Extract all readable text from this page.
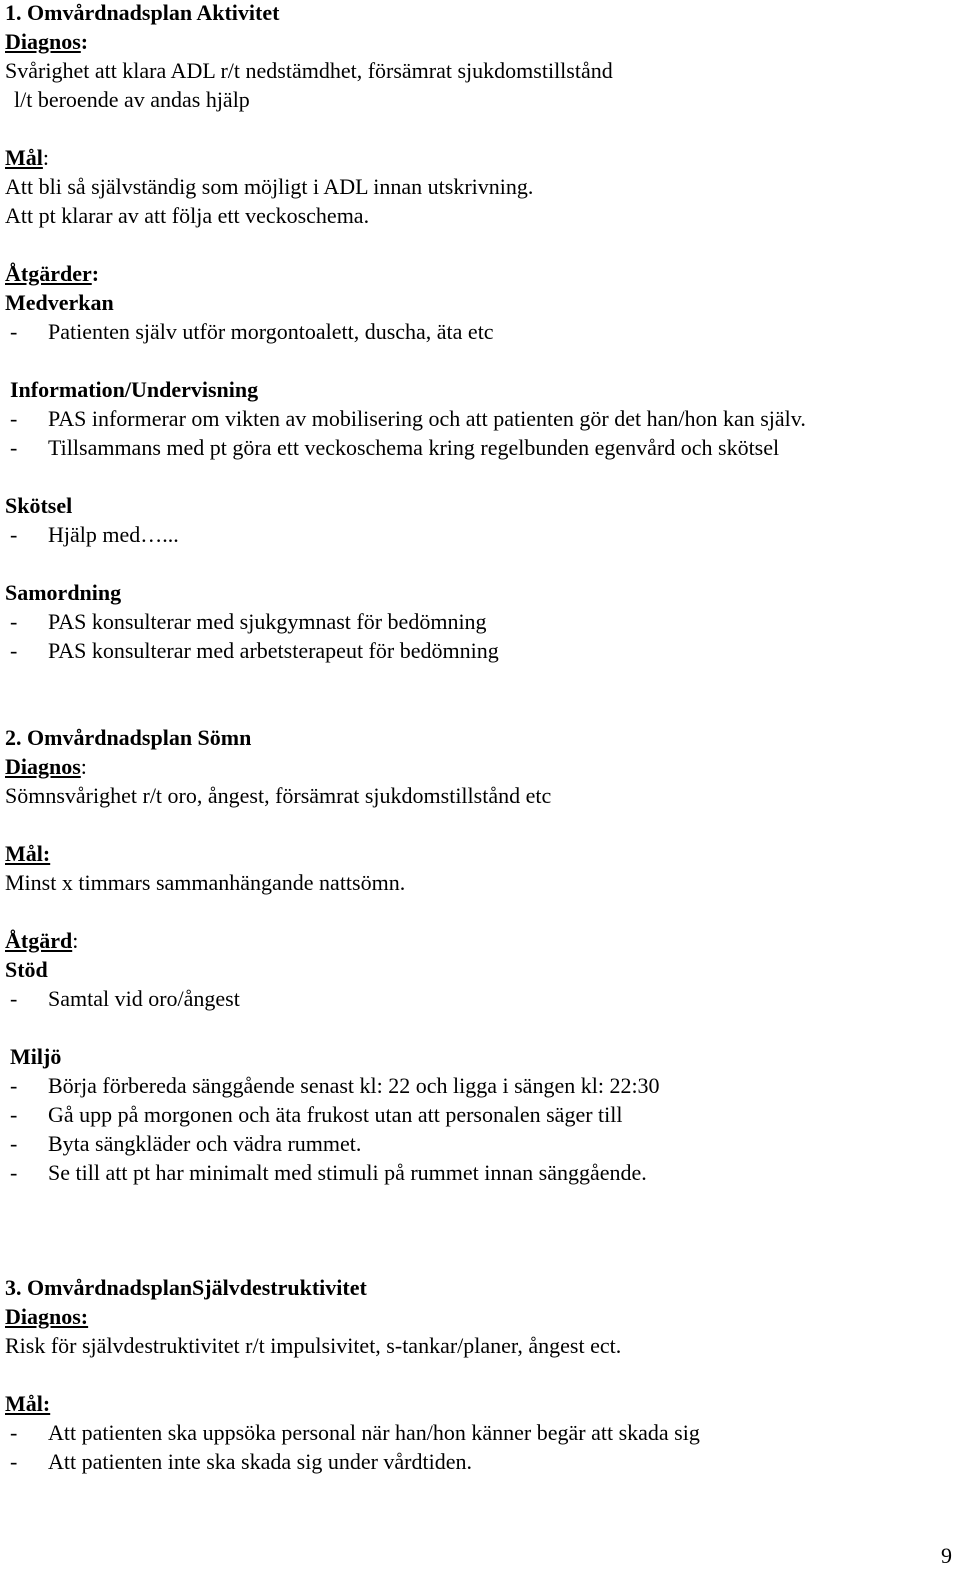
1. Omvårdnadsplan Aktivitet
Diagnos:
Svårighet att klara ADL r/t nedstämdhet, försämrat sjukdomstillstånd
l/t beroende av andas hjälp
Mål:
Att bli så självständig som möjligt i ADL innan utskrivning.
Att pt klarar av att följa ett veckoschema.
Åtgärder:
Medverkan
- Patienten själv utför morgontoalett, duscha, äta etc
Information/Undervisning
- PAS informerar om vikten av mobilisering och att patienten gör det han/hon kan själv.
- Tillsammans med pt göra ett veckoschema kring regelbunden egenvård och skötsel
Skötsel
- Hjälp med…...
Samordning
- PAS konsulterar med sjukgymnast för bedömning
- PAS konsulterar med arbetsterapeut för bedömning
2. Omvårdnadsplan Sömn
Diagnos:
Sömnsvårighet r/t oro, ångest, försämrat sjukdomstillstånd etc
Mål:
Minst x timmars sammanhängande nattsömn.
Åtgärd:
Stöd
- Samtal vid oro/ångest
Miljö
- Börja förbereda sänggående senast kl: 22 och ligga i sängen kl: 22:30
- Gå upp på morgonen och äta frukost utan att personalen säger till
- Byta sängkläder och vädra rummet.
- Se till att pt har minimalt med stimuli på rummet innan sänggående.
3. OmvårdnadsplanSjälvdestruktivitet
Diagnos:
Risk för självdestruktivitet r/t impulsivitet, s-tankar/planer, ångest ect.
Mål:
- Att patienten ska uppsöka personal när han/hon känner begär att skada sig
- Att patienten inte ska skada sig under vårdtiden.
9
